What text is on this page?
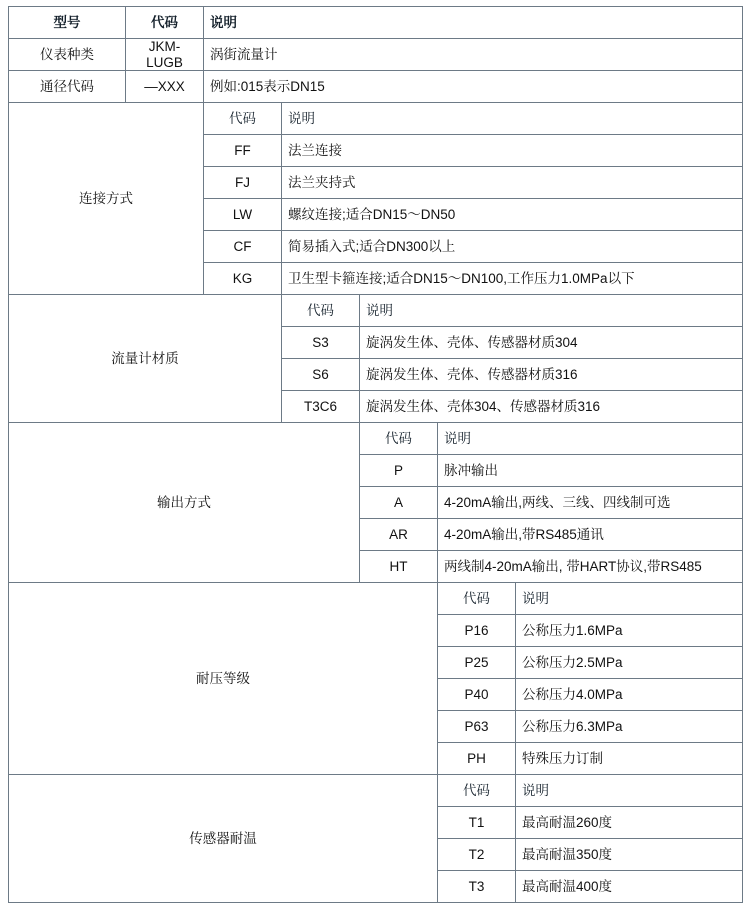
型号	代码	说明				
仪表种类	JKM-LUGB	涡街流量计				
通径代码	—XXX	例如:015表示DN15				
连接方式		代码	说明			
		FF	法兰连接			
		FJ	法兰夹持式			
		LW	螺纹连接;适合DN15～DN50			
		CF	简易插入式;适合DN300以上			
		KG	卫生型卡箍连接;适合DN15～DN100,工作压力1.0MPa以下			
流量计材质			代码	说明		
			S3	旋涡发生体、壳体、传感器材质304		
			S6	旋涡发生体、壳体、传感器材质316		
			T3C6	旋涡发生体、壳体304、传感器材质316		
输出方式				代码	说明	
				P	脉冲输出	
				A	4-20mA输出,两线、三线、四线制可选	
				AR	4-20mA输出,带RS485通讯	
				HT	两线制4-20mA输出, 带HART协议,带RS485	
耐压等级					代码	说明
					P16	公称压力1.6MPa
					P25	公称压力2.5MPa
					P40	公称压力4.0MPa
					P63	公称压力6.3MPa
					PH	特殊压力订制
传感器耐温					代码	说明
					T1	最高耐温260度
					T2	最高耐温350度
					T3	最高耐温400度
